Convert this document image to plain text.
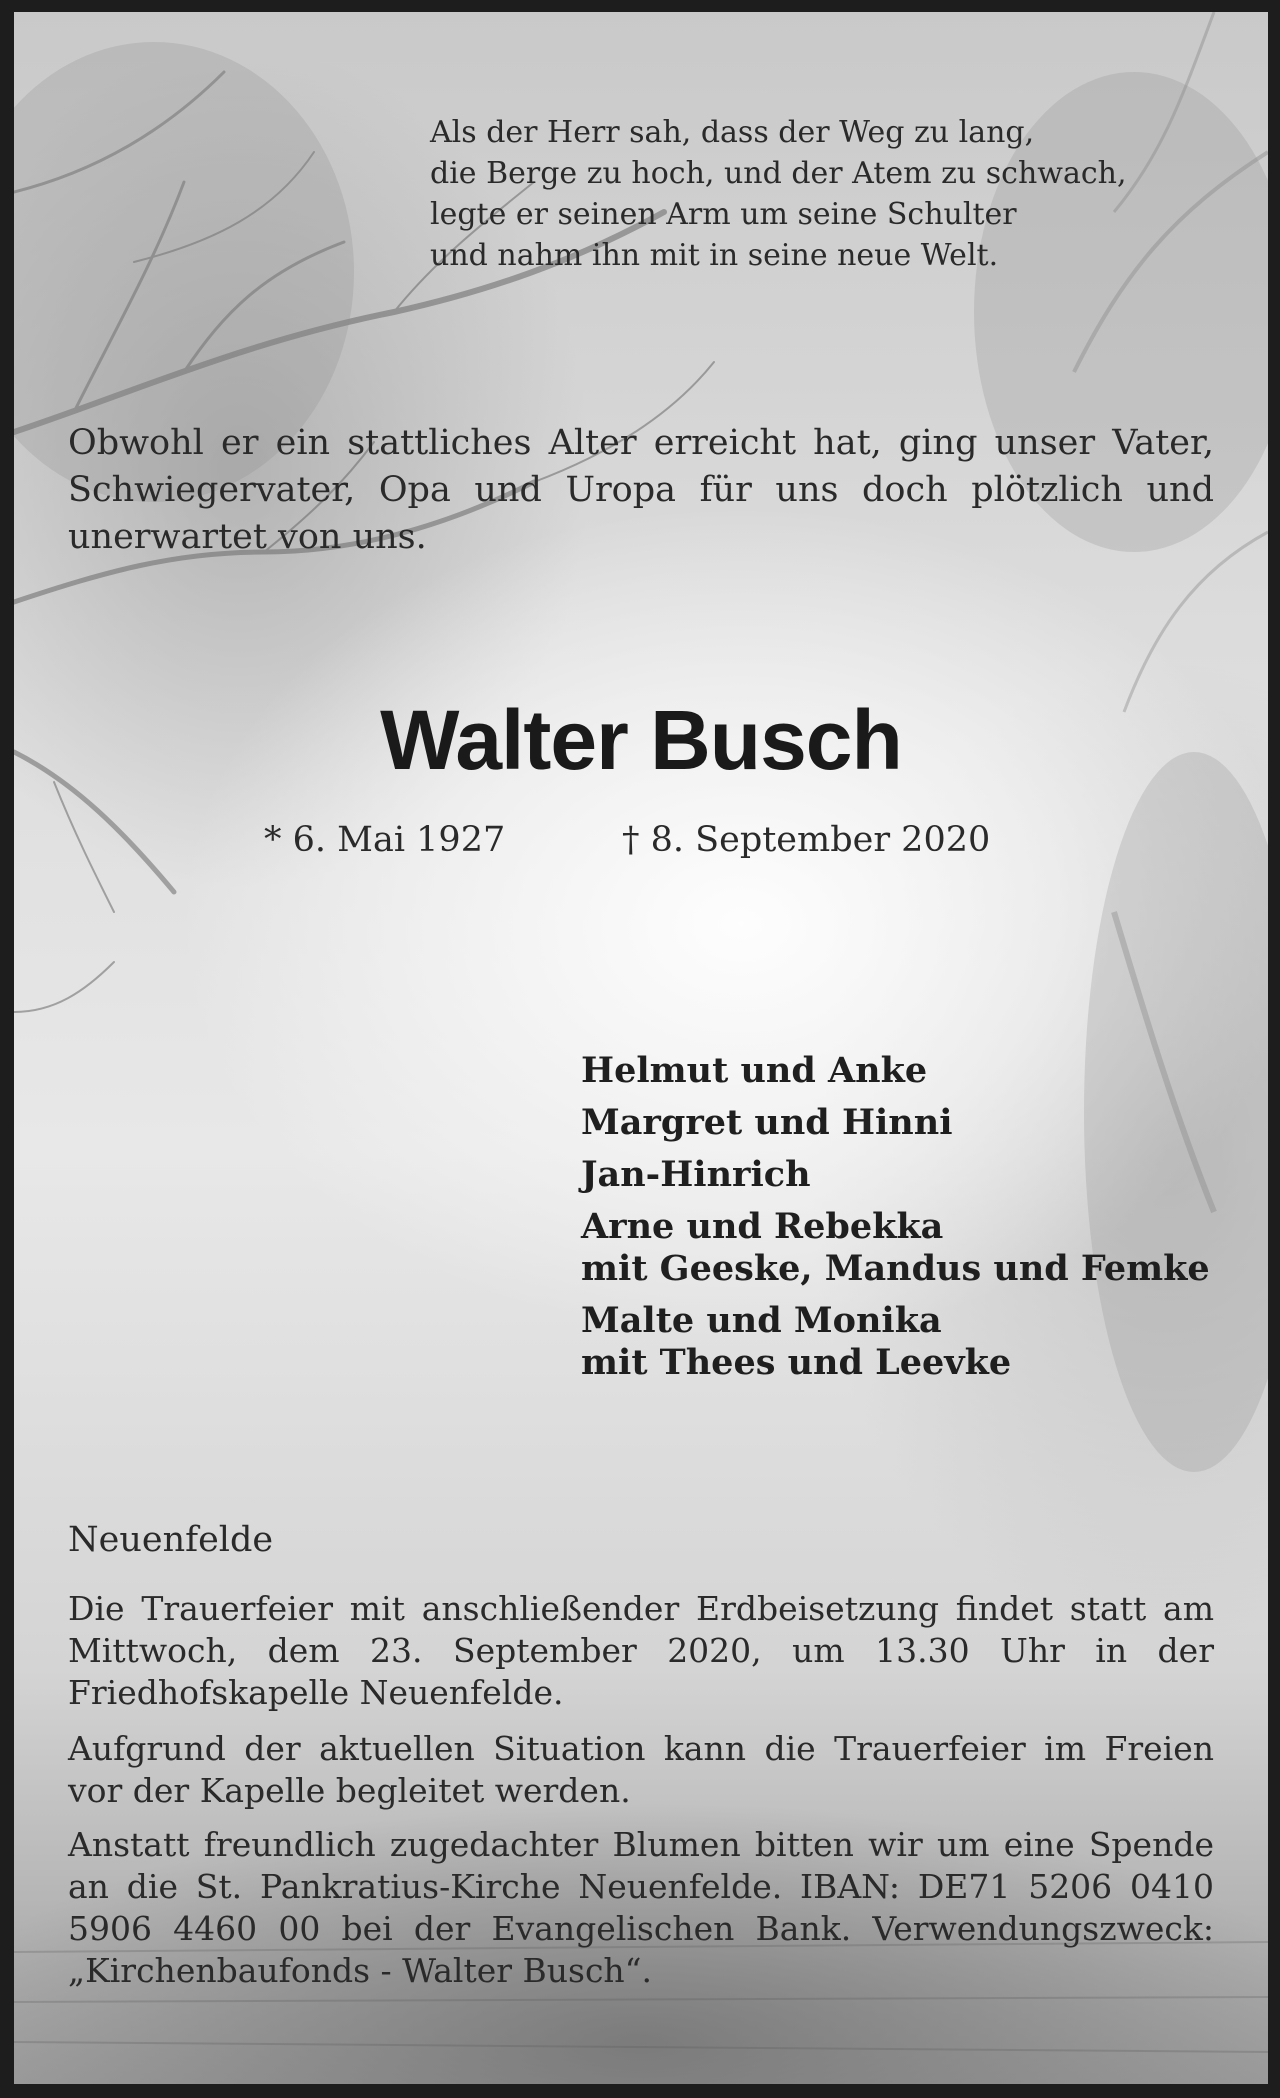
Als der Herr sah, dass der Weg zu lang,
die Berge zu hoch, und der Atem zu schwach,
legte er seinen Arm um seine Schulter
und nahm ihn mit in seine neue Welt.
Obwohl er ein stattliches Alter erreicht hat, ging unser Vater, Schwiegervater, Opa und Uropa für uns doch plötzlich und unerwartet von uns.
Walter Busch
* 6. Mai 1927	† 8. September 2020
Helmut und Anke
Margret und Hinni
Jan-Hinrich
Arne und Rebekka
mit Geeske, Mandus und Femke
Malte und Monika
mit Thees und Leevke
Neuenfelde
Die Trauerfeier mit anschließender Erdbeisetzung findet statt am Mittwoch, dem 23. September 2020, um 13.30 Uhr in der Friedhofskapelle Neuenfelde.
Aufgrund der aktuellen Situation kann die Trauerfeier im Freien vor der Kapelle begleitet werden.
Anstatt freundlich zugedachter Blumen bitten wir um eine Spende an die St. Pankratius-Kirche Neuenfelde. IBAN: DE71 5206 0410 5906 4460 00 bei der Evangelischen Bank. Verwendungszweck: „Kirchenbaufonds - Walter Busch“.
